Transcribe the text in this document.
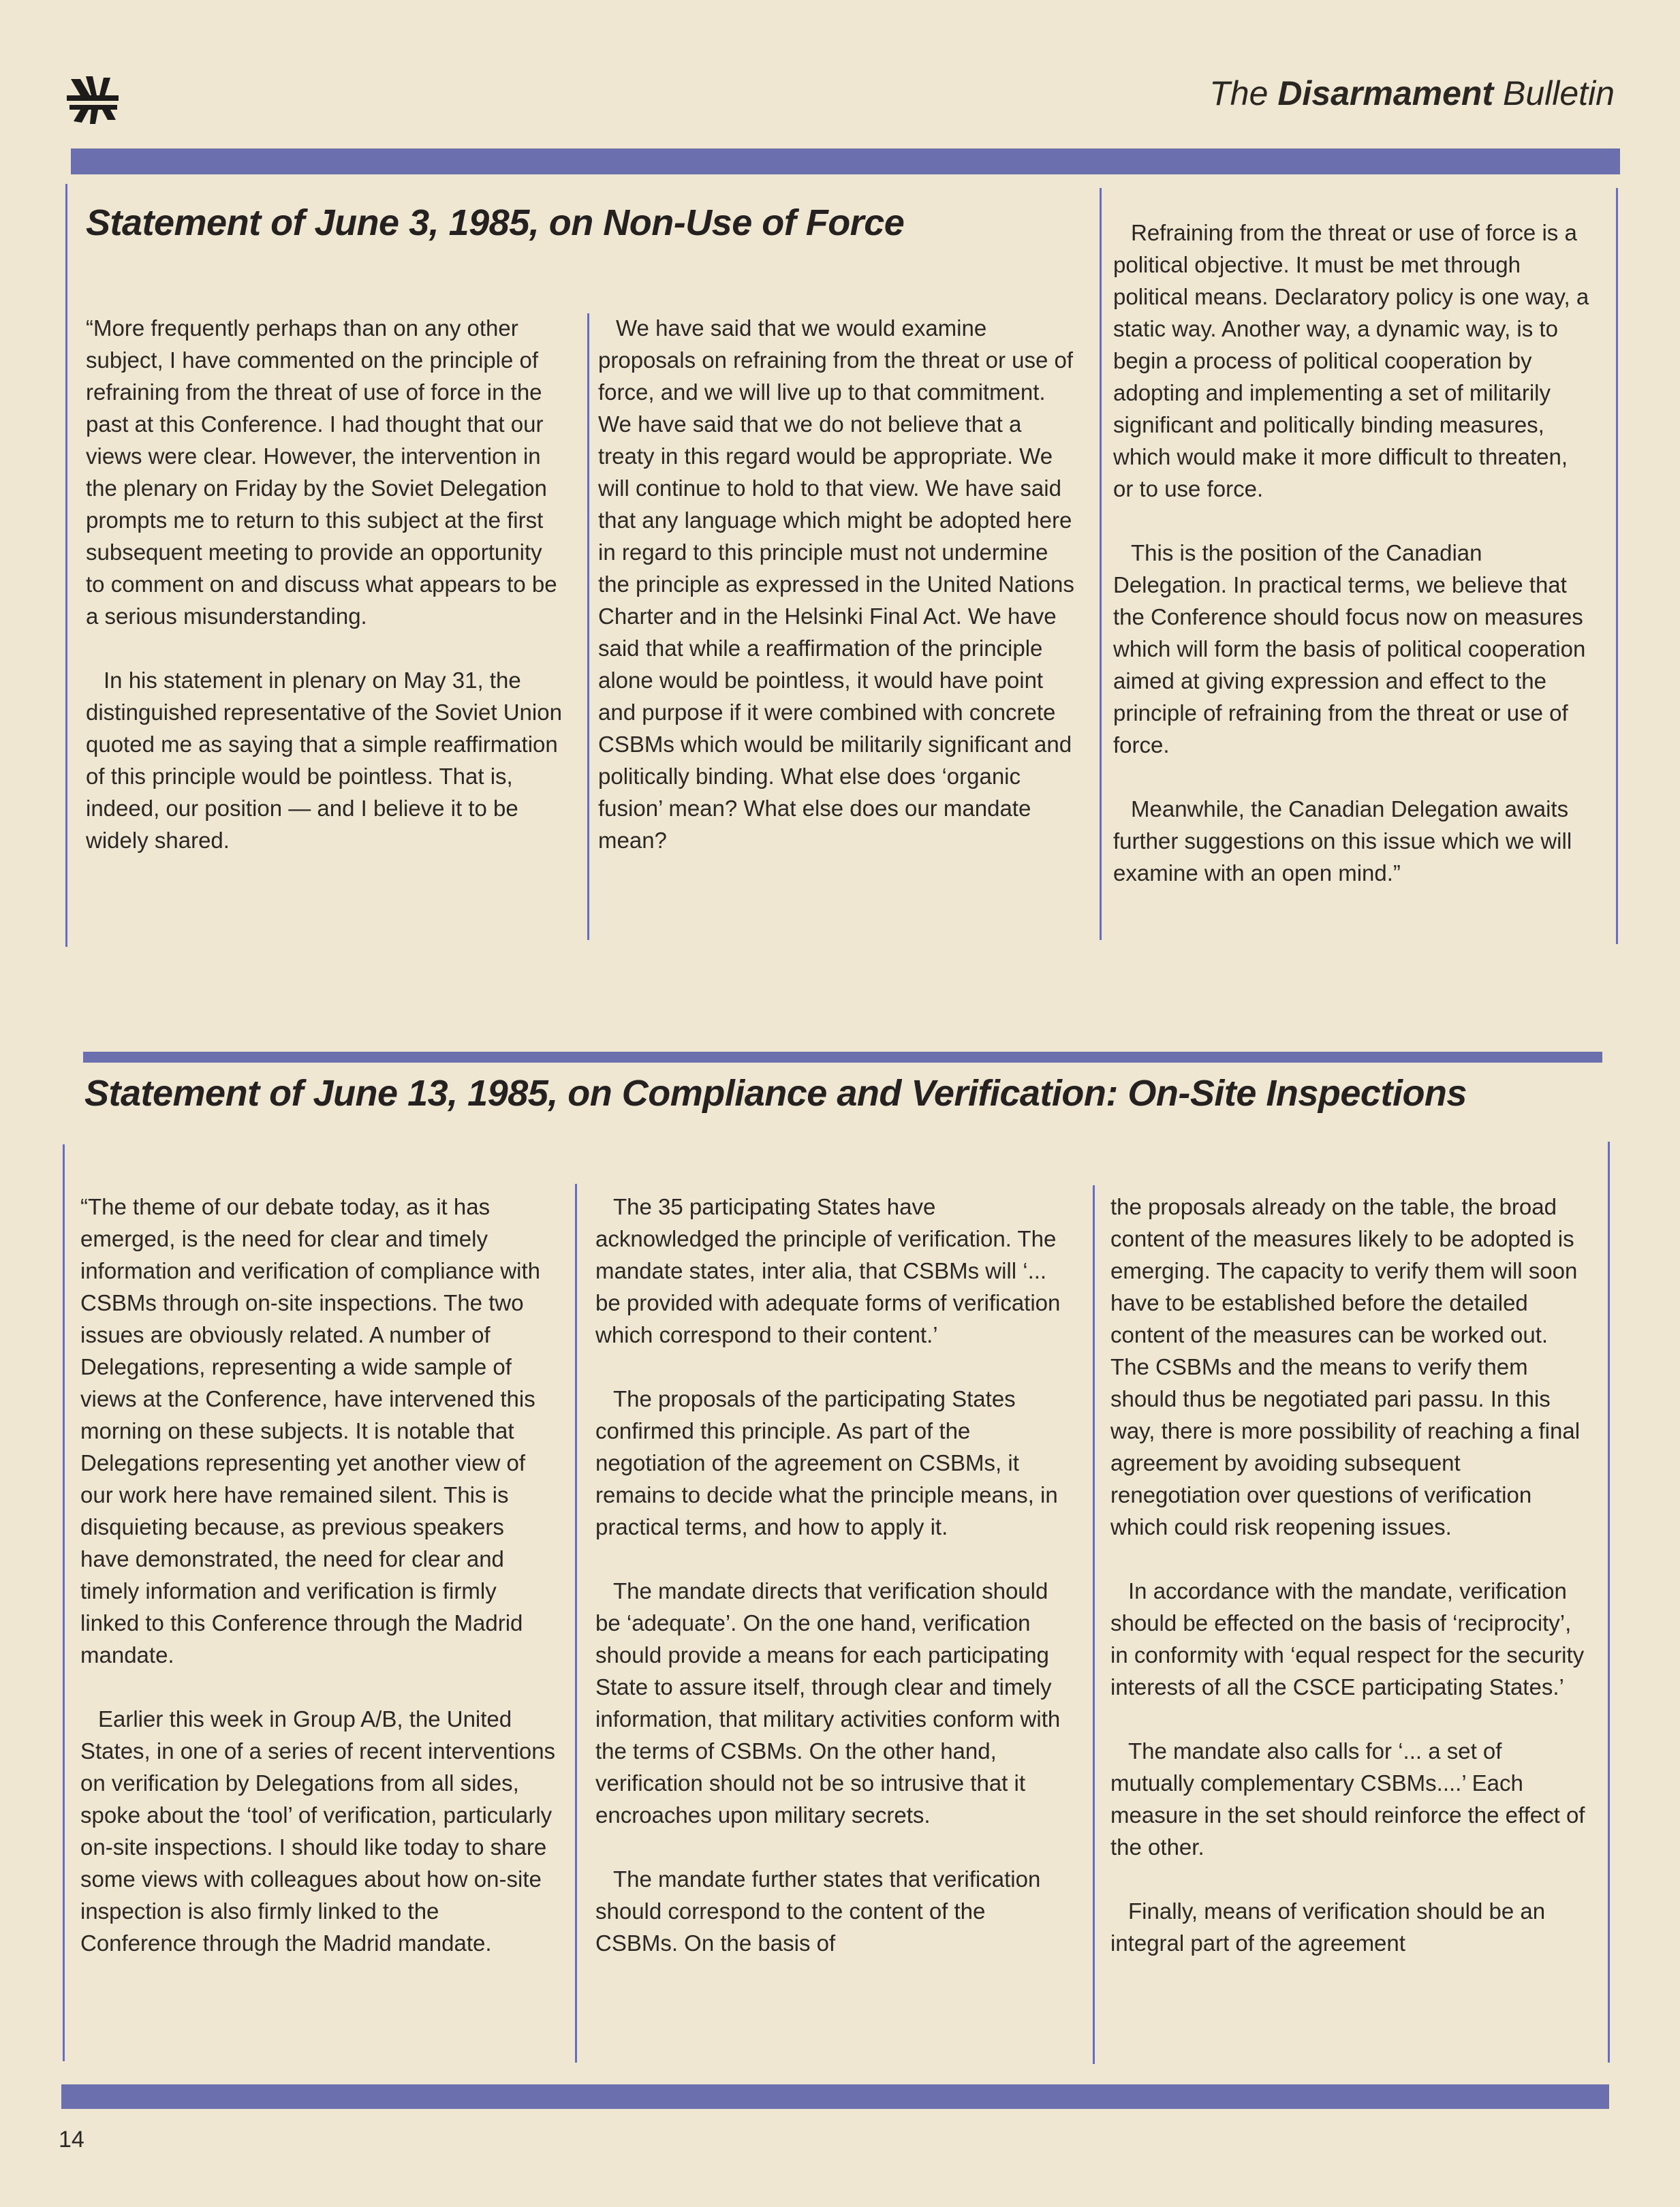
The Disarmament Bulletin
Statement of June 3, 1985, on Non-Use of Force

“More frequently perhaps than on any other subject, I have commented on the principle of refraining from the threat of use of force in the past at this Conference. I had thought that our views were clear. However, the intervention in the plenary on Friday by the Soviet Delegation prompts me to return to this subject at the first subsequent meeting to provide an opportunity to comment on and discuss what appears to be a serious misunderstanding.

In his statement in plenary on May 31, the distinguished representative of the Soviet Union quoted me as saying that a simple reaffirmation of this principle would be pointless. That is, indeed, our position — and I believe it to be widely shared.

We have said that we would examine proposals on refraining from the threat or use of force, and we will live up to that commitment. We have said that we do not believe that a treaty in this regard would be appropriate. We will continue to hold to that view. We have said that any language which might be adopted here in regard to this principle must not undermine the principle as expressed in the United Nations Charter and in the Helsinki Final Act. We have said that while a reaffirmation of the principle alone would be pointless, it would have point and purpose if it were combined with concrete CSBMs which would be militarily significant and politically binding. What else does ‘organic fusion’ mean? What else does our mandate mean?

Refraining from the threat or use of force is a political objective. It must be met through political means. Declaratory policy is one way, a static way. Another way, a dynamic way, is to begin a process of political cooperation by adopting and implementing a set of militarily significant and politically binding measures, which would make it more difficult to threaten, or to use force.

This is the position of the Canadian Delegation. In practical terms, we believe that the Conference should focus now on measures which will form the basis of political cooperation aimed at giving expression and effect to the principle of refraining from the threat or use of force.

Meanwhile, the Canadian Delegation awaits further suggestions on this issue which we will examine with an open mind.”

Statement of June 13, 1985, on Compliance and Verification: On-Site Inspections

“The theme of our debate today, as it has emerged, is the need for clear and timely information and verification of compliance with CSBMs through on-site inspections. The two issues are obviously related. A number of Delegations, representing a wide sample of views at the Conference, have intervened this morning on these subjects. It is notable that Delegations representing yet another view of our work here have remained silent. This is disquieting because, as previous speakers have demonstrated, the need for clear and timely information and verification is firmly linked to this Conference through the Madrid mandate.

Earlier this week in Group A/B, the United States, in one of a series of recent interventions on verification by Delegations from all sides, spoke about the ‘tool’ of verification, particularly on-site inspections. I should like today to share some views with colleagues about how on-site inspection is also firmly linked to the Conference through the Madrid mandate.

The 35 participating States have acknowledged the principle of verification. The mandate states, inter alia, that CSBMs will ‘... be provided with adequate forms of verification which correspond to their content.’

The proposals of the participating States confirmed this principle. As part of the negotiation of the agreement on CSBMs, it remains to decide what the principle means, in practical terms, and how to apply it.

The mandate directs that verification should be ‘adequate’. On the one hand, verification should provide a means for each participating State to assure itself, through clear and timely information, that military activities conform with the terms of CSBMs. On the other hand, verification should not be so intrusive that it encroaches upon military secrets.

The mandate further states that verification should correspond to the content of the CSBMs. On the basis of

the proposals already on the table, the broad content of the measures likely to be adopted is emerging. The capacity to verify them will soon have to be established before the detailed content of the measures can be worked out. The CSBMs and the means to verify them should thus be negotiated pari passu. In this way, there is more possibility of reaching a final agreement by avoiding subsequent renegotiation over questions of verification which could risk reopening issues.

In accordance with the mandate, verification should be effected on the basis of ‘reciprocity’, in conformity with ‘equal respect for the security interests of all the CSCE participating States.’

The mandate also calls for ‘... a set of mutually complementary CSBMs....’ Each measure in the set should reinforce the effect of the other.

Finally, means of verification should be an integral part of the agreement

14
